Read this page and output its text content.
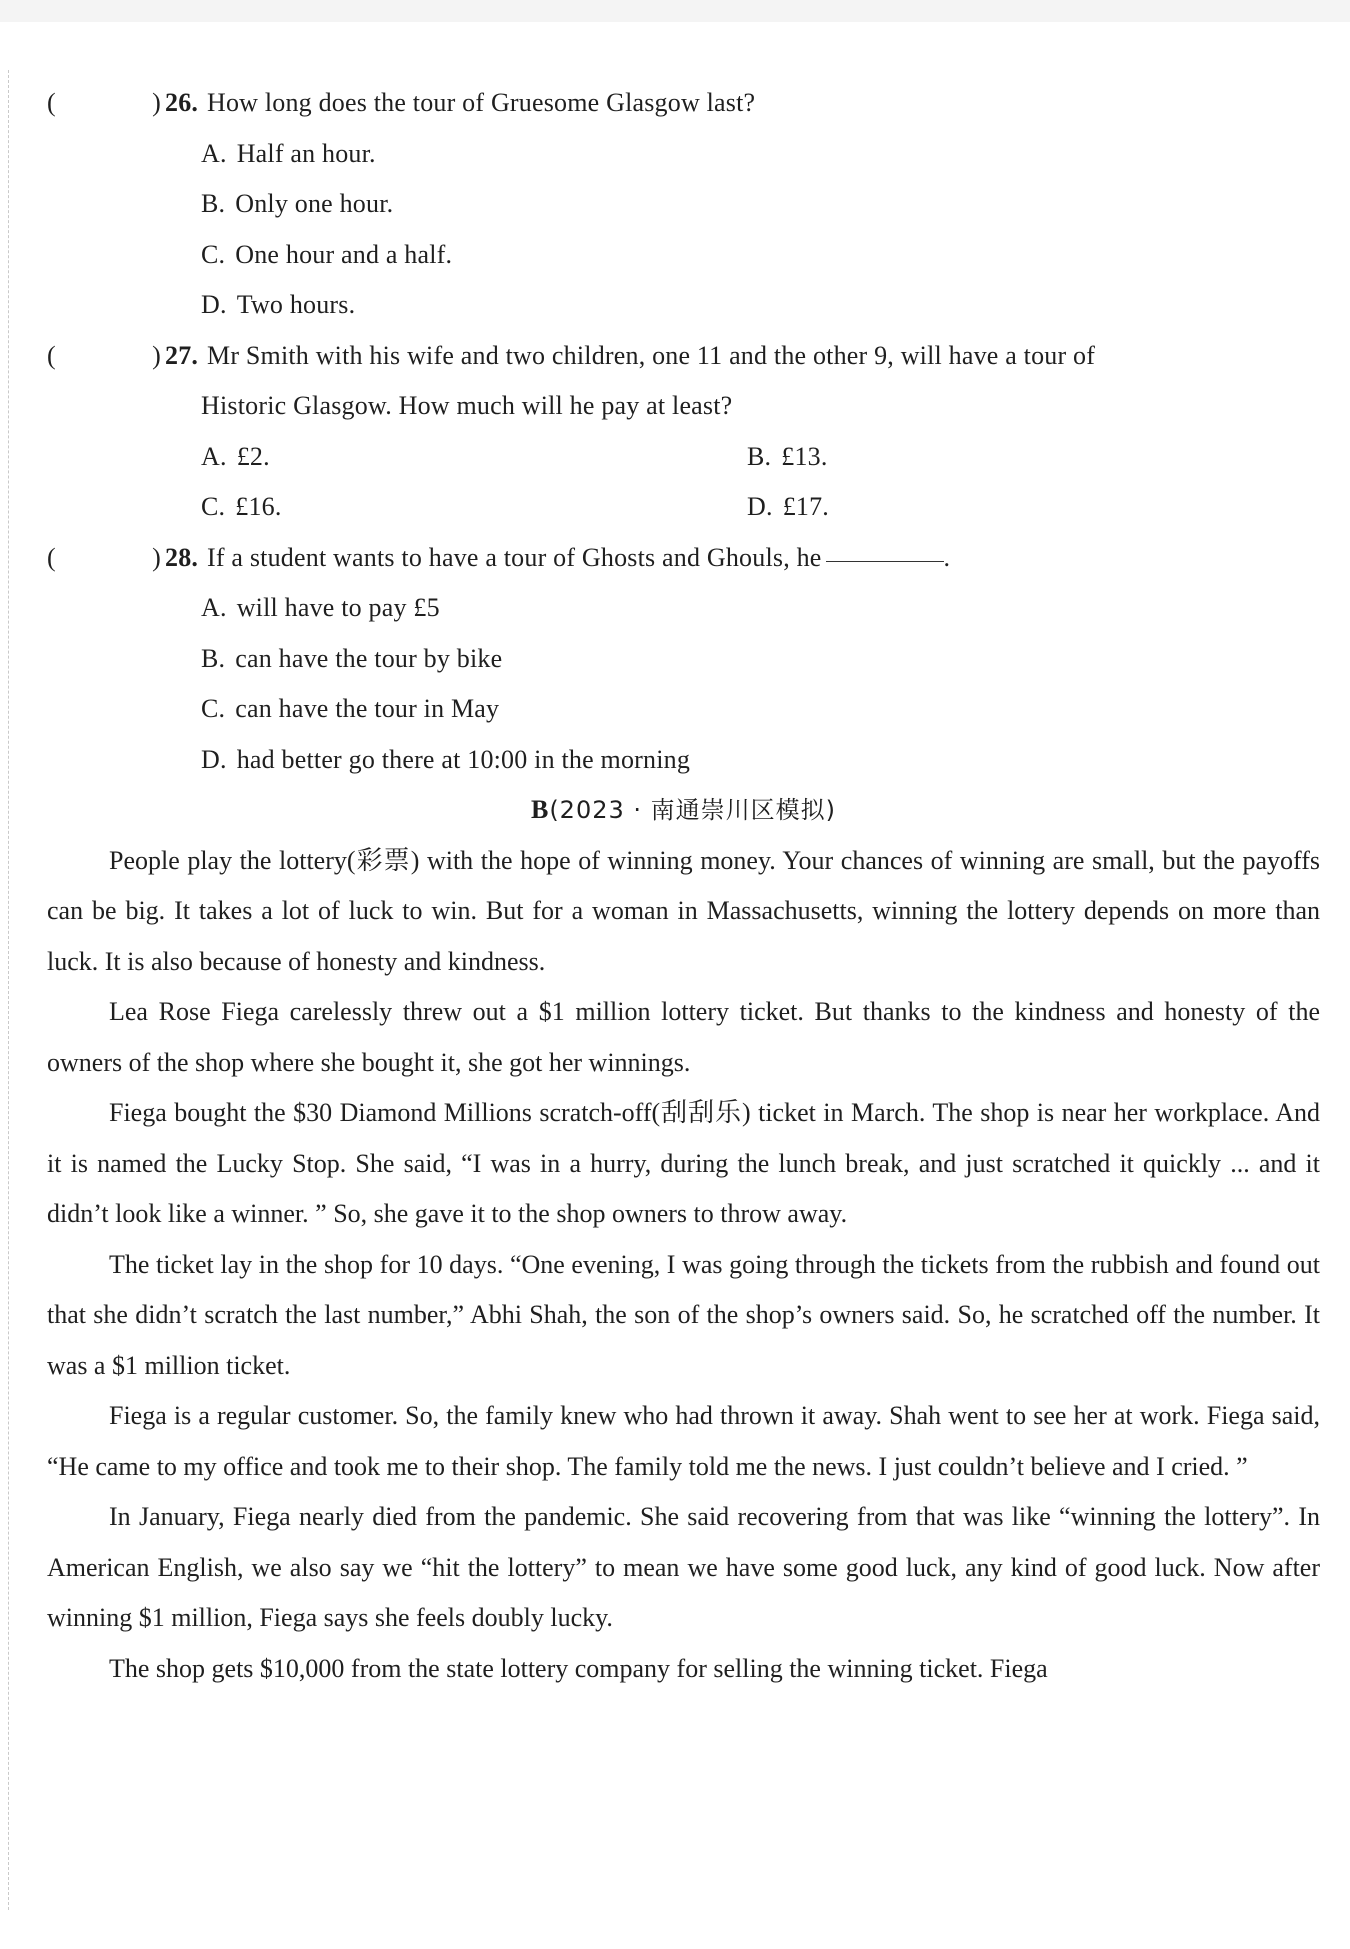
(	) 26. How long does the tour of Gruesome Glasgow last?
A. Half an hour.
B. Only one hour.
C. One hour and a half.
D. Two hours.
(	) 27. Mr Smith with his wife and two children, one 11 and the other 9, will have a tour of
Historic Glasgow. How much will he pay at least?
A. £2.	B. £13.
C. £16.	D. £17.
(	) 28. If a student wants to have a tour of Ghosts and Ghouls, he	.
A. will have to pay £5
B. can have the tour by bike
C. can have the tour in May
D. had better go there at 10:00 in the morning
B(2023 · 南通崇川区模拟)

People play the lottery(彩票) with the hope of winning money. Your chances of winning are small, but the payoffs can be big. It takes a lot of luck to win. But for a woman in Massachusetts, winning the lottery depends on more than luck. It is also because of honesty and kindness.

Lea Rose Fiega carelessly threw out a $1 million lottery ticket. But thanks to the kindness and honesty of the owners of the shop where she bought it, she got her winnings.

Fiega bought the $30 Diamond Millions scratch-off(刮刮乐) ticket in March. The shop is near her workplace. And it is named the Lucky Stop. She said, “I was in a hurry, during the lunch break, and just scratched it quickly ... and it didn’t look like a winner. ” So, she gave it to the shop owners to throw away.

The ticket lay in the shop for 10 days. “One evening, I was going through the tickets from the rubbish and found out that she didn’t scratch the last number,” Abhi Shah, the son of the shop’s owners said. So, he scratched off the number. It was a $1 million ticket.

Fiega is a regular customer. So, the family knew who had thrown it away. Shah went to see her at work. Fiega said, “He came to my office and took me to their shop. The family told me the news. I just couldn’t believe and I cried. ”

In January, Fiega nearly died from the pandemic. She said recovering from that was like “winning the lottery”. In American English, we also say we “hit the lottery” to mean we have some good luck, any kind of good luck. Now after winning $1 million, Fiega says she feels doubly lucky.

The shop gets $10,000 from the state lottery company for selling the winning ticket. Fiega
